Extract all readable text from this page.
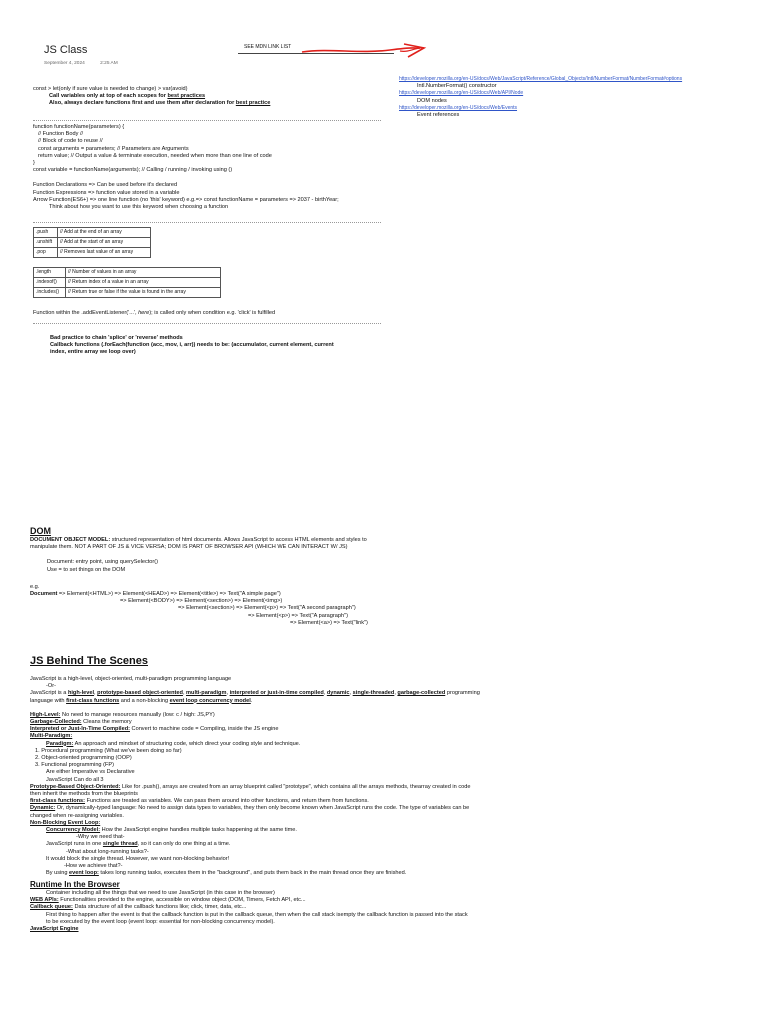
JS Class
September 4, 2024	2:25 AM
SEE MDN LINK LIST
https://developer.mozilla.org/en-US/docs/Web/JavaScript/Reference/Global_Objects/Intl/NumberFormat/NumberFormat#options
Intl.NumberFormat() constructor
https://developer.mozilla.org/en-US/docs/Web/API/Node
DOM nodes
https://developer.mozilla.org/en-US/docs/Web/Events
Event references
const > let(only if sure value is needed to change) > var(avoid)
Call variables only at top of each scopes for best practices
Also, always declare functions first and use them after declaration for best practice
function functionName(parameters) {
// Function Body //
// Block of code to reuse //
const arguments = parameters; // Parameters are Arguments
return value; // Output a value & terminate execution, needed when more than one line of code
}
const variable = functionName(arguments); // Calling / running / invoking using ()
Function Declarations => Can be used before it's declared
Function Expressions => function value stored in a variable
Arrow Function(ES6+) => one line function (no 'this' keyword) e.g.=> const functionName = parameters => 2037 - birthYear;
Think about how you want to use this keyword when choosing a function
.push	// Add at the end of an array
.unshift	// Add at the start of an array
.pop	// Removes last value of an array
.length	// Number of values in an array
.indexof()	// Return index of a value in an array
.includes()	// Return true or false if the value is found in the array
Function within the .addEventListener('...', here); is called only when condition e.g. 'click' is fulfilled
Bad practice to chain 'splice' or 'reverse' methods
Callback functions (.forEach(function (acc, mov, i, arr)) needs to be: (accumulator, current element, current
index, entire array we loop over)
DOM
DOCUMENT OBJECT MODEL: structured representation of html documents. Allows JavaScript to access HTML elements and styles to
manipulate them. NOT A PART OF JS & VICE VERSA; DOM IS PART OF BROWSER API (WHICH WE CAN INTERACT W/ JS)
Document: entry point, using querySelector()
Use = to set things on the DOM
e.g.
Document => Element(<HTML>) => Element(<HEAD>) => Element(<title>) => Text("A simple page")
=> Element(<BODY>) => Element(<section>) => Element(<img>)
=> Element(<section>) => Element(<p>) => Text("A second paragraph")
=> Element(<p>) => Text("A paragraph")
=> Element(<a>) => Text("link")
JS Behind The Scenes
JavaScript is a high-level, object-oriented, multi-paradigm programming language
-Or-
JavaScript is a high-level, prototype-based object-oriented, multi-paradigm, interpreted or just-in-time compiled, dynamic, single-threaded, garbage-collected programming
language with first-class functions and a non-blocking event loop concurrency model.
High-Level: No need to manage resources manually (low: c / high: JS,PY)
Garbage-Collected: Cleans the memory
Interpreted or Just-In-Time Compiled: Convert to machine code = Compiling, inside the JS engine
Multi-Paradigm:
Paradigm: An approach and mindset of structuring code, which direct your coding style and technique.
1. Procedural programming (What we've been doing so far)
2. Object-oriented programming (OOP)
3. Functional programming (FP)
Are either Imperative vs Declarative
JavaScript Can do all 3
Prototype-Based Object-Oriented: Like for .push(), arrays are created from an array blueprint called "prototype", which contains all the arrays methods, thearray created in code
then inherit the methods from the blueprints
first-class functions: Functions are treated as variables. We can pass them around into other functions, and return them from functions.
Dynamic: Or, dynamically-typed language: No need to assign data types to variables, they then only become known when JavaScript runs the code. The type of variables can be
changed when re-assigning variables.
Non-Blocking Event Loop:
Concurrency Model: How the JavaScript engine handles multiple tasks happening at the same time.
-Why we need that-
JavaScript runs in one single thread, so it can only do one thing at a time.
-What about long-running tasks?-
It would block the single thread. However, we want non-blocking behavior!
-How we achieve that?-
By using event loop: takes long running tasks, executes them in the "background", and puts them back in the main thread once they are finished.
Runtime In the Browser
Container including all the things that we need to use JavaScript (in this case in the browser)
WEB APIs: Functionalities provided to the engine, accessible on window object (DOM, Timers, Fetch API, etc...
Callback queue: Data structure of all the callback functions like; click, timer, data, etc...
First thing to happen after the event is that the callback function is put in the callback queue, then when the call stack isempty the callback function is passed into the stack
to be executed by the event loop (event loop: essential for non-blocking concurrency model).
JavaScript Engine
